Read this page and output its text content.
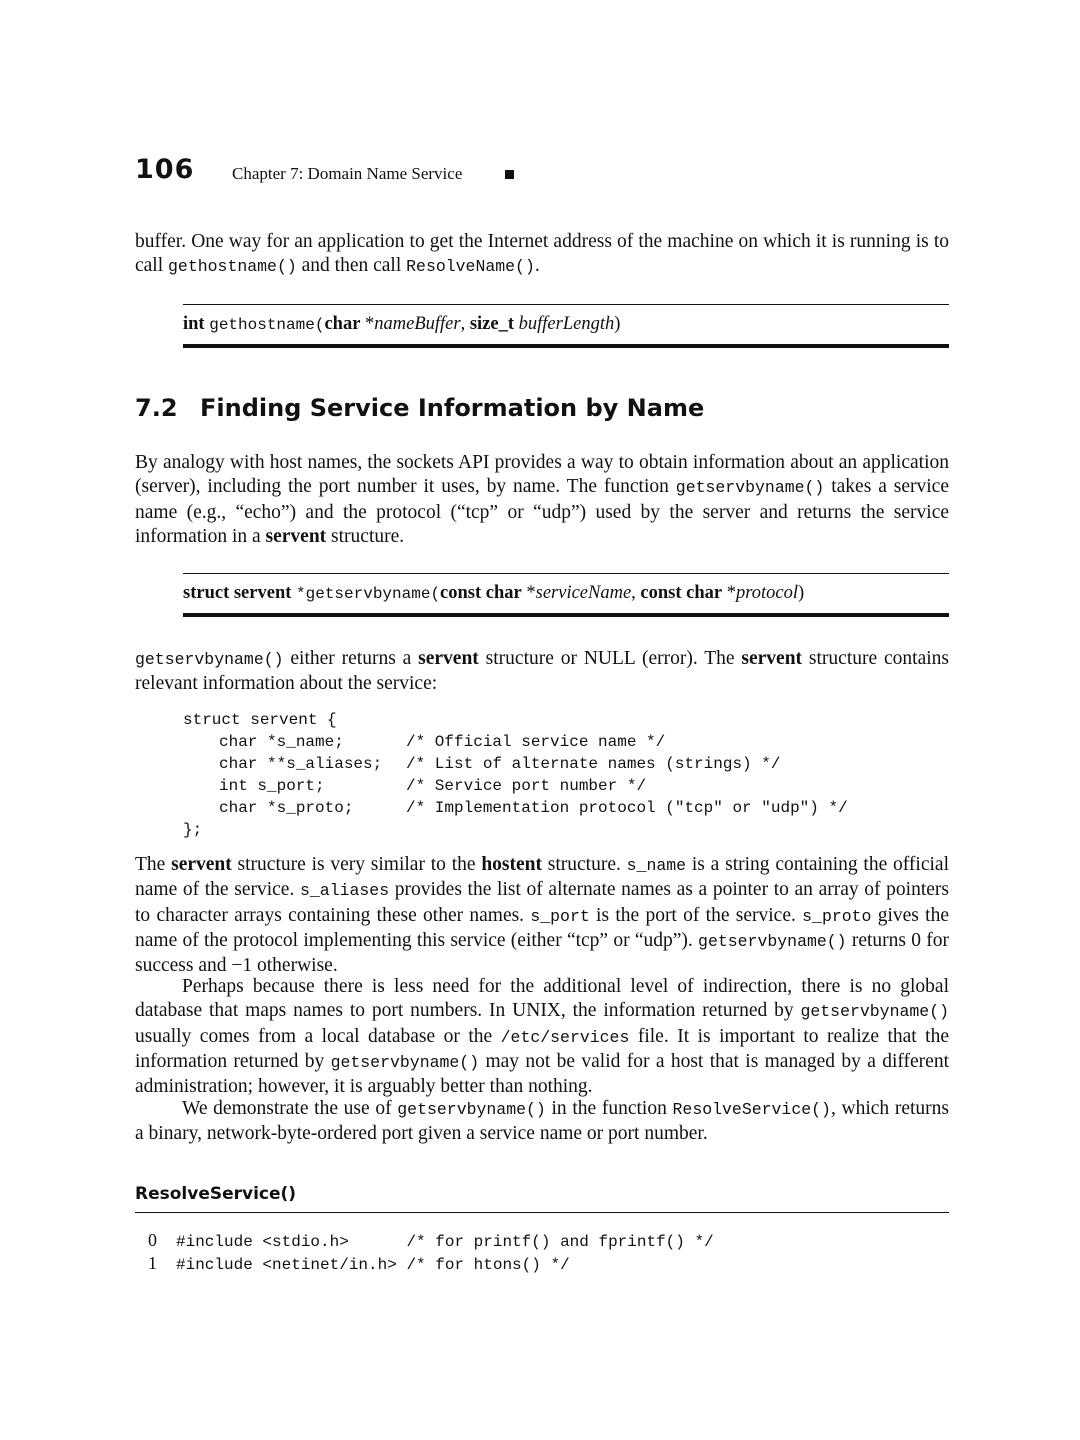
106 Chapter 7: Domain Name Service

buffer. One way for an application to get the Internet address of the machine on which it is running is to call gethostname() and then call ResolveName().

int gethostname(char *nameBuffer, size_t bufferLength)
7.2 Finding Service Information by Name

By analogy with host names, the sockets API provides a way to obtain information about an application (server), including the port number it uses, by name. The function getservbyname() takes a service name (e.g., “echo”) and the protocol (“tcp” or “udp”) used by the server and returns the service information in a servent structure.

struct servent *getservbyname(const char *serviceName, const char *protocol)

getservbyname() either returns a servent structure or NULL (error). The servent structure contains relevant information about the service:

struct servent {
char *s_name;	/* Official service name */
char **s_aliases; /* List of alternate names (strings) */
int s_port;	/* Service port number */
char *s_proto;	/* Implementation protocol ("tcp" or "udp") */
};

The servent structure is very similar to the hostent structure. s_name is a string containing the official name of the service. s_aliases provides the list of alternate names as a pointer to an array of pointers to character arrays containing these other names. s_port is the port of the service. s_proto gives the name of the protocol implementing this service (either “tcp” or “udp”). getservbyname() returns 0 for success and −1 otherwise.

Perhaps because there is less need for the additional level of indirection, there is no global database that maps names to port numbers. In UNIX, the information returned by getservbyname() usually comes from a local database or the /etc/services file. It is important to realize that the information returned by getservbyname() may not be valid for a host that is managed by a different administration; however, it is arguably better than nothing.

We demonstrate the use of getservbyname() in the function ResolveService(), which returns a binary, network-byte-ordered port given a service name or port number.

ResolveService()
0 #include <stdio.h>      /* for printf() and fprintf() */
1 #include <netinet/in.h> /* for htons() */
